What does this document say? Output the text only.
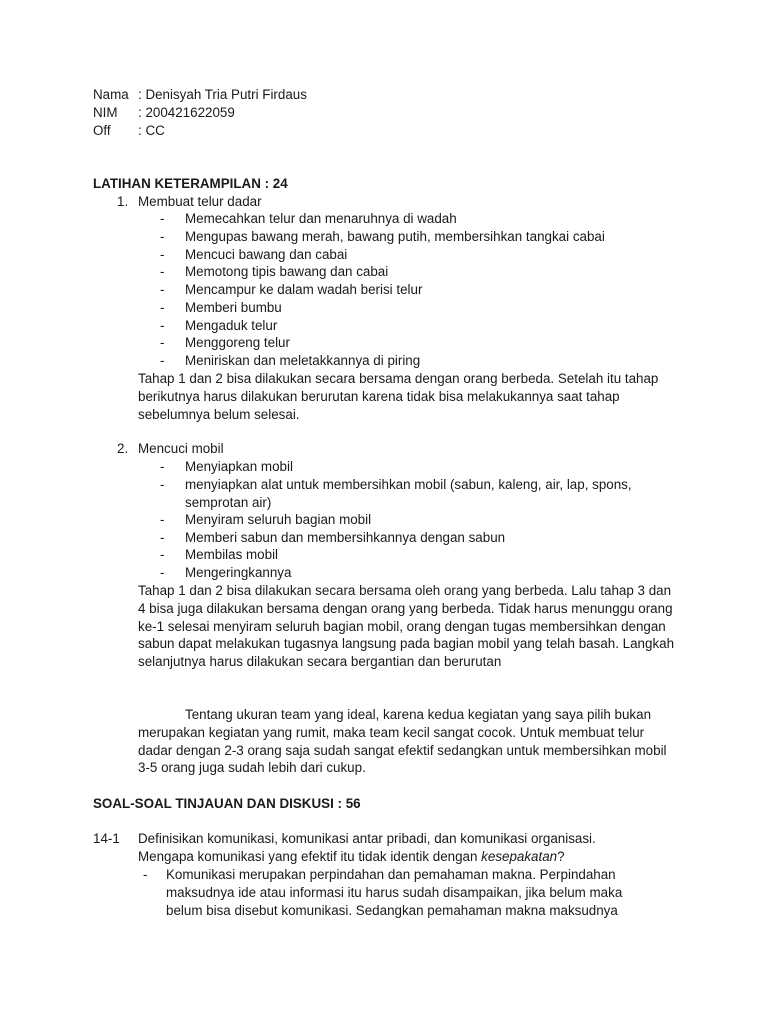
Nama : Denisyah Tria Putri Firdaus
NIM : 200421622059
Off : CC
LATIHAN KETERAMPILAN : 24
1. Membuat telur dadar
- Memecahkan telur dan menaruhnya di wadah
- Mengupas bawang merah, bawang putih, membersihkan tangkai cabai
- Mencuci bawang dan cabai
- Memotong tipis bawang dan cabai
- Mencampur ke dalam wadah berisi telur
- Memberi bumbu
- Mengaduk telur
- Menggoreng telur
- Meniriskan dan meletakkannya di piring
Tahap 1 dan 2 bisa dilakukan secara bersama dengan orang berbeda. Setelah itu tahap berikutnya harus dilakukan berurutan karena tidak bisa melakukannya saat tahap sebelumnya belum selesai.
2. Mencuci mobil
- Menyiapkan mobil
- menyiapkan alat untuk membersihkan mobil (sabun, kaleng, air, lap, spons, semprotan air)
- Menyiram seluruh bagian mobil
- Memberi sabun dan membersihkannya dengan sabun
- Membilas mobil
- Mengeringkannya
Tahap 1 dan 2 bisa dilakukan secara bersama oleh orang yang berbeda. Lalu tahap 3 dan 4 bisa juga dilakukan bersama dengan orang yang berbeda. Tidak harus menunggu orang ke-1 selesai menyiram seluruh bagian mobil, orang dengan tugas membersihkan dengan sabun dapat melakukan tugasnya langsung pada bagian mobil yang telah basah. Langkah selanjutnya harus dilakukan secara bergantian dan berurutan
Tentang ukuran team yang ideal, karena kedua kegiatan yang saya pilih bukan merupakan kegiatan yang rumit, maka team kecil sangat cocok. Untuk membuat telur dadar dengan 2-3 orang saja sudah sangat efektif sedangkan untuk membersihkan mobil 3-5 orang juga sudah lebih dari cukup.
SOAL-SOAL TINJAUAN DAN DISKUSI : 56
14-1 Definisikan komunikasi, komunikasi antar pribadi, dan komunikasi organisasi.
Mengapa komunikasi yang efektif itu tidak identik dengan kesepakatan?
- Komunikasi merupakan perpindahan dan pemahaman makna. Perpindahan maksudnya ide atau informasi itu harus sudah disampaikan, jika belum maka belum bisa disebut komunikasi. Sedangkan pemahaman makna maksudnya
